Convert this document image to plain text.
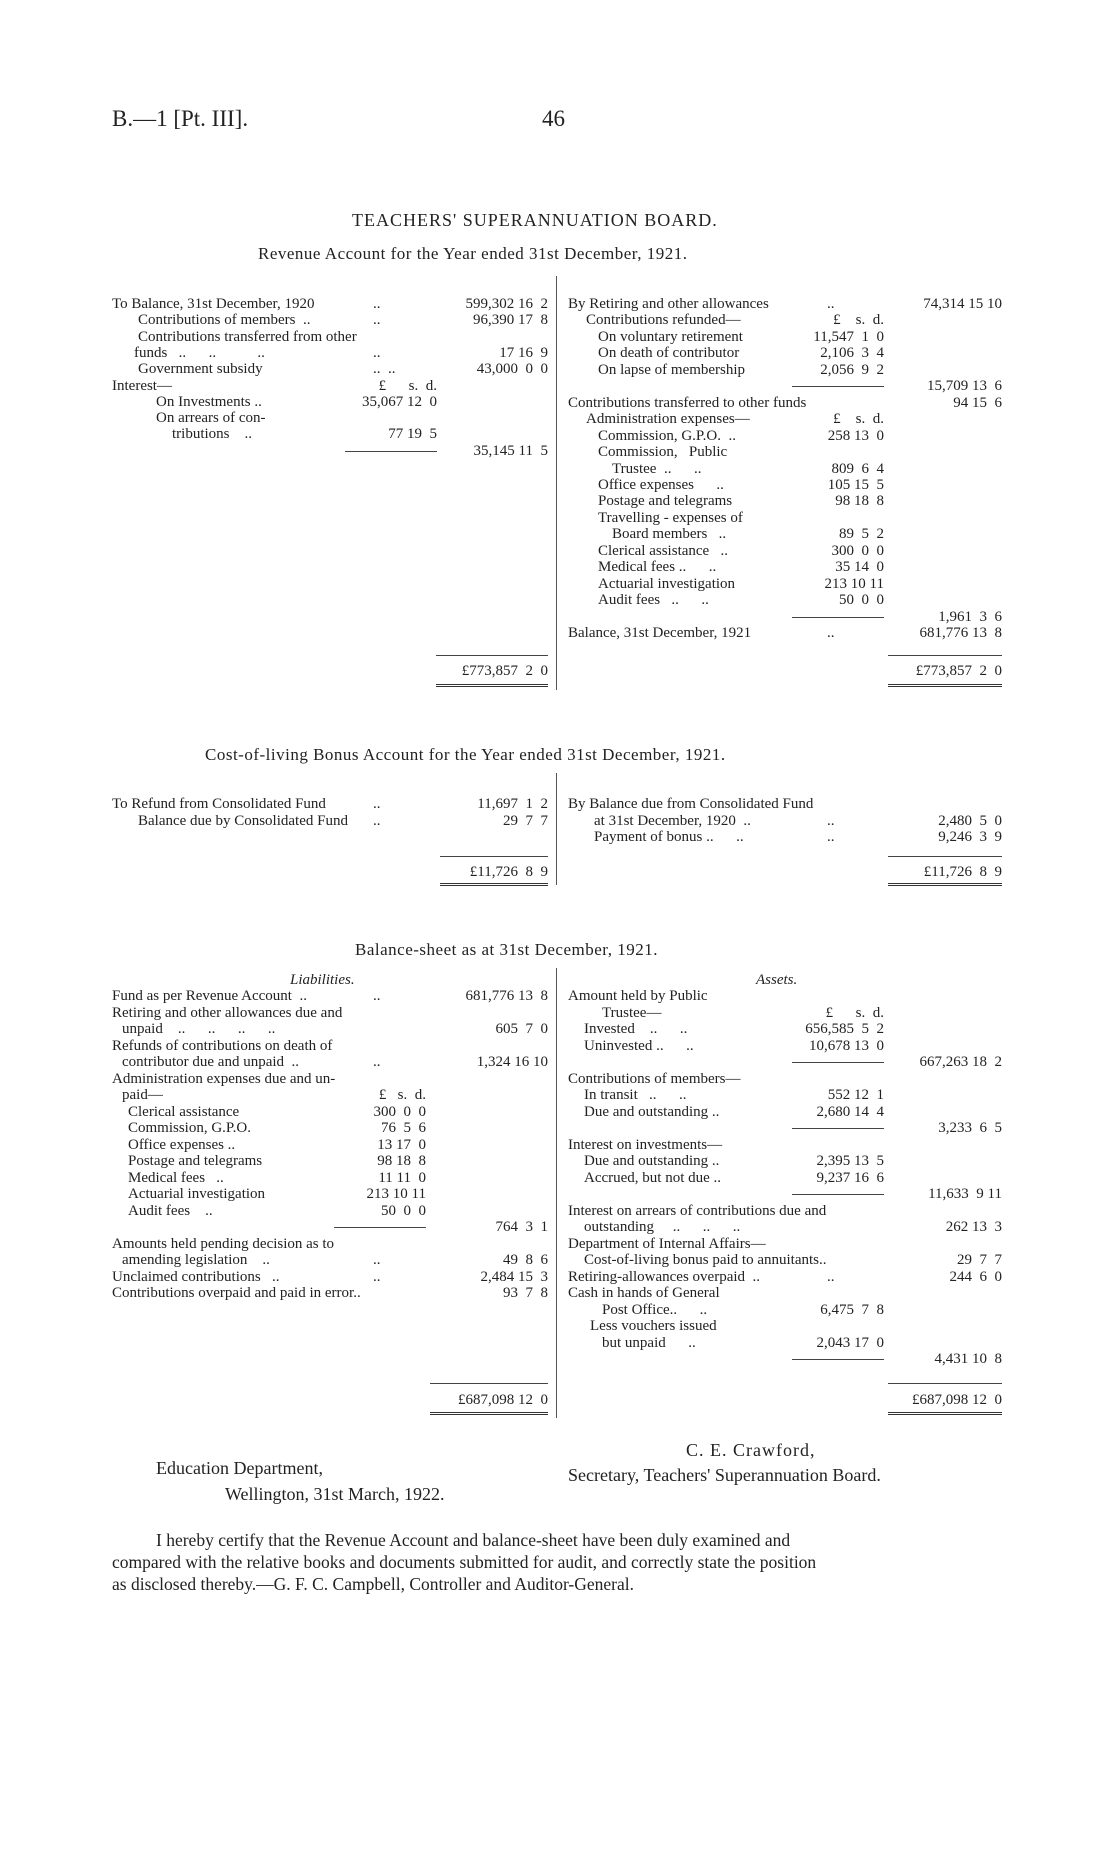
B.—1 [Pt. III].	46
TEACHERS' SUPERANNUATION BOARD.
Revenue Account for the Year ended 31st December, 1921.
To Balance, 31st December, 1920	..	599,302 16  2
Contributions of members  ..	..	96,390 17  8
Contributions transferred from other
funds   ..      ..           ..	..	17 16  9
Government subsidy	..  ..	43,000  0  0
Interest—	£      s.  d.
On Investments ..	35,067 12  0
On arrears of con-
tributions    ..	77 19  5
35,145 11  5
£773,857  2  0
By Retiring and other allowances	..	74,314 15 10
Contributions refunded—	£    s.  d.
On voluntary retirement	11,547  1  0
On death of contributor	2,106  3  4
On lapse of membership	2,056  9  2
15,709 13  6
Contributions transferred to other funds	94 15  6
Administration expenses—	£    s.  d.
Commission, G.P.O.  ..	258 13  0
Commission,   Public
Trustee  ..      ..	809  6  4
Office expenses      ..	105 15  5
Postage and telegrams	98 18  8
Travelling - expenses of
Board members   ..	89  5  2
Clerical assistance   ..	300  0  0
Medical fees ..      ..	35 14  0
Actuarial investigation	213 10 11
Audit fees   ..      ..	50  0  0
1,961  3  6
Balance, 31st December, 1921	..	681,776 13  8
£773,857  2  0
Cost-of-living Bonus Account for the Year ended 31st December, 1921.
To Refund from Consolidated Fund	..	11,697  1  2
Balance due by Consolidated Fund ..	29  7  7
£11,726  8  9
By Balance due from Consolidated Fund
at 31st December, 1920  ..	..	2,480  5  0
Payment of bonus ..      ..	..	9,246  3  9
£11,726  8  9
Balance-sheet as at 31st December, 1921.
Liabilities.	Assets.
Fund as per Revenue Account  ..	..	681,776 13  8
Retiring and other allowances due and
unpaid    ..      ..      ..      ..	605  7  0
Refunds of contributions on death of
contributor due and unpaid  ..	..	1,324 16 10
Administration expenses due and un-
paid—	£   s.  d.
Clerical assistance	300  0  0
Commission, G.P.O.	76  5  6
Office expenses ..	13 17  0
Postage and telegrams	98 18  8
Medical fees   ..	11 11  0
Actuarial investigation	213 10 11
Audit fees    ..	50  0  0
764  3  1
Amounts held pending decision as to
amending legislation    ..	..	49  8  6
Unclaimed contributions   ..	..	2,484 15  3
Contributions overpaid and paid in error..	93  7  8
£687,098 12  0
Amount held by Public
Trustee—	£      s.  d.
Invested    ..      ..	656,585  5  2
Uninvested ..      ..	10,678 13  0
667,263 18  2
Contributions of members—
In transit   ..      ..	552 12  1
Due and outstanding ..	2,680 14  4
3,233  6  5
Interest on investments—
Due and outstanding ..	2,395 13  5
Accrued, but not due ..	9,237 16  6
11,633  9 11
Interest on arrears of contributions due and
outstanding     ..      ..      ..	262 13  3
Department of Internal Affairs—
Cost-of-living bonus paid to annuitants..	29  7  7
Retiring-allowances overpaid  ..	..	244  6  0
Cash in hands of General
Post Office..      ..	6,475  7  8
Less vouchers issued
but unpaid      ..	2,043 17  0
4,431 10  8
£687,098 12  0
Education Department,
Wellington, 31st March, 1922.
C. E. Crawford,
Secretary, Teachers' Superannuation Board.
I hereby certify that the Revenue Account and balance-sheet have been duly examined and
compared with the relative books and documents submitted for audit, and correctly state the position
as disclosed thereby.—G. F. C. Campbell, Controller and Auditor-General.
